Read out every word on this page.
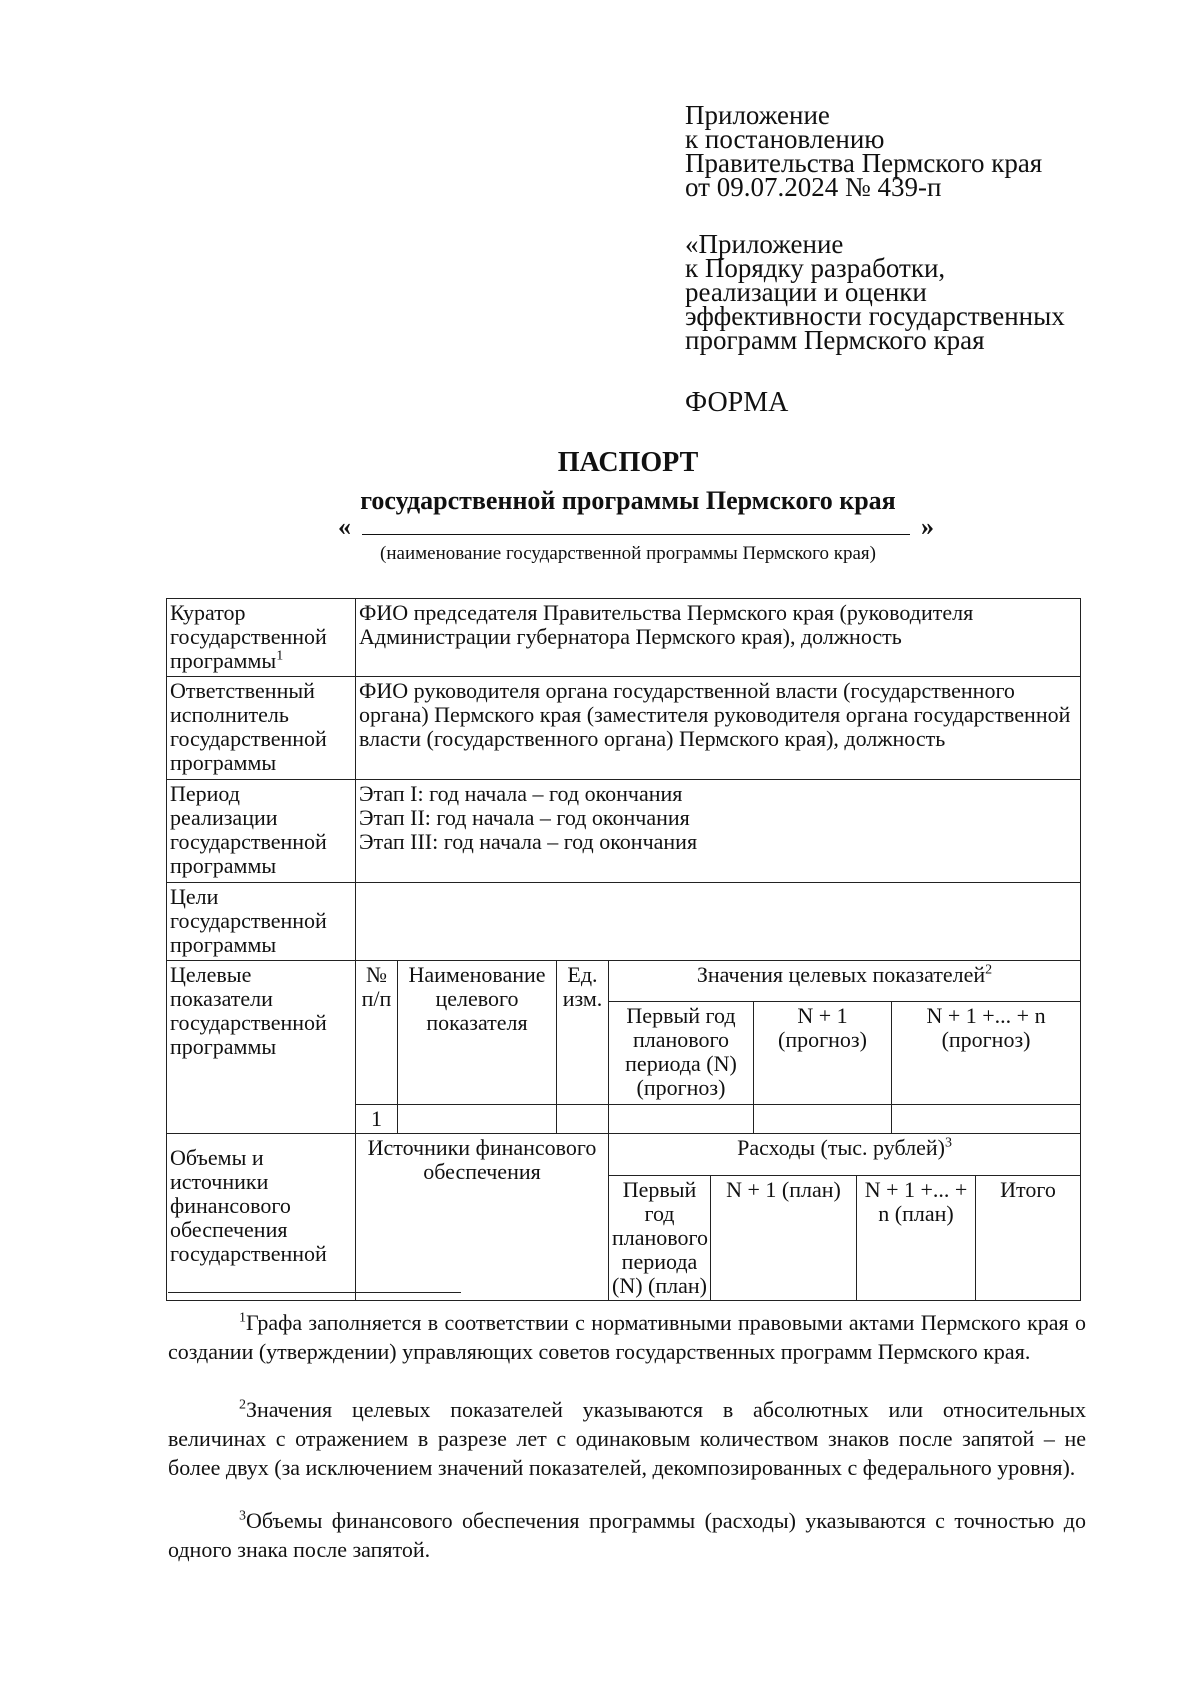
Приложение
к постановлению
Правительства Пермского края
от 09.07.2024 № 439-п
«Приложение
к Порядку разработки,
реализации и оценки
эффективности государственных
программ Пермского края
ФОРМА
ПАСПОРТ
государственной программы Пермского края
«	»
(наименование государственной программы Пермского края)
Куратор государственной программы$^1$	ФИО председателя Правительства Пермского края (руководителя Администрации губернатора Пермского края), должность								
Ответственный исполнитель государственной программы	ФИО руководителя органа государственной власти (государственного органа) Пермского края (заместителя руководителя органа государственной власти (государственного органа) Пермского края), должность								
Период реализации государственной программы	Этап I: год начала – год окончания
Этап II: год начала – год окончания
Этап III: год начала – год окончания								

Цели государственной программы									
Целевые показатели государственной программы	№ п/п	Наименование целевого показателя	Ед. изм.	Значения целевых показателей$^2$
				Первый год планового периода (N) (прогноз)		N + 1 (прогноз)		N + 1 +... + n (прогноз)	
	1								
Объемы и источники финансового обеспечения государственной	Источники финансового обеспечения			Расходы (тыс. рублей)$^3$
				Первый год планового периода (N) (план)	N + 1 (план)		N + 1 +... + n (план)		Итого
$^1$Графа заполняется в соответствии с нормативными правовыми актами Пермского края о создании (утверждении) управляющих советов государственных программ Пермского края.
$^2$Значения целевых показателей указываются в абсолютных или относительных величинах с отражением в разрезе лет с одинаковым количеством знаков после запятой – не более двух (за исключением значений показателей, декомпозированных с федерального уровня).
$^3$Объемы финансового обеспечения программы (расходы) указываются с точностью до одного знака после запятой.
